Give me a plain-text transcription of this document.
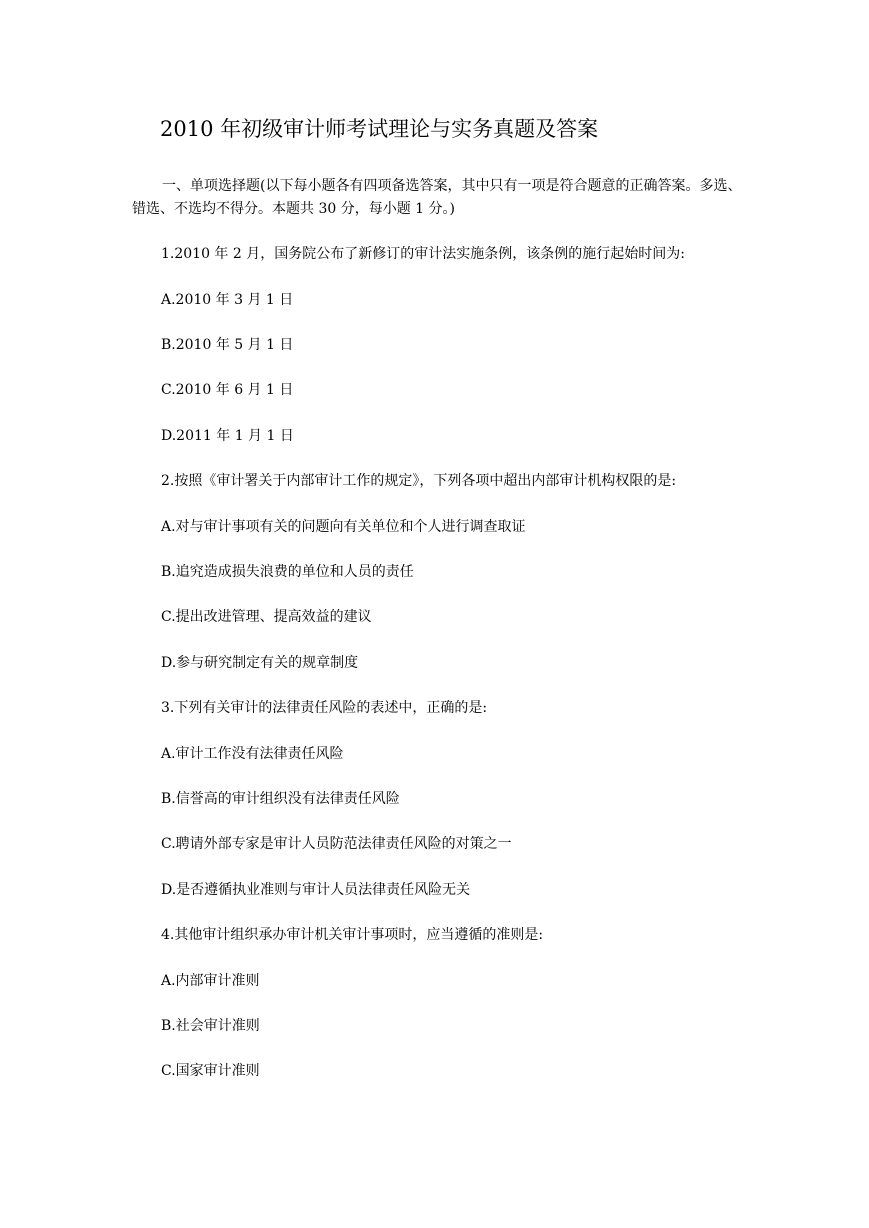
2010 年初级审计师考试理论与实务真题及答案
一、单项选择题(以下每小题各有四项备选答案，其中只有一项是符合题意的正确答案。多选、错选、不选均不得分。本题共 30 分，每小题 1 分。)
1.2010 年 2 月，国务院公布了新修订的审计法实施条例，该条例的施行起始时间为:
A.2010 年 3 月 1 日
B.2010 年 5 月 1 日
C.2010 年 6 月 1 日
D.2011 年 1 月 1 日
2.按照《审计署关于内部审计工作的规定》，下列各项中超出内部审计机构权限的是:
A.对与审计事项有关的问题向有关单位和个人进行调查取证
B.追究造成损失浪费的单位和人员的责任
C.提出改进管理、提高效益的建议
D.参与研究制定有关的规章制度
3.下列有关审计的法律责任风险的表述中，正确的是:
A.审计工作没有法律责任风险
B.信誉高的审计组织没有法律责任风险
C.聘请外部专家是审计人员防范法律责任风险的对策之一
D.是否遵循执业准则与审计人员法律责任风险无关
4.其他审计组织承办审计机关审计事项时，应当遵循的准则是:
A.内部审计准则
B.社会审计准则
C.国家审计准则
